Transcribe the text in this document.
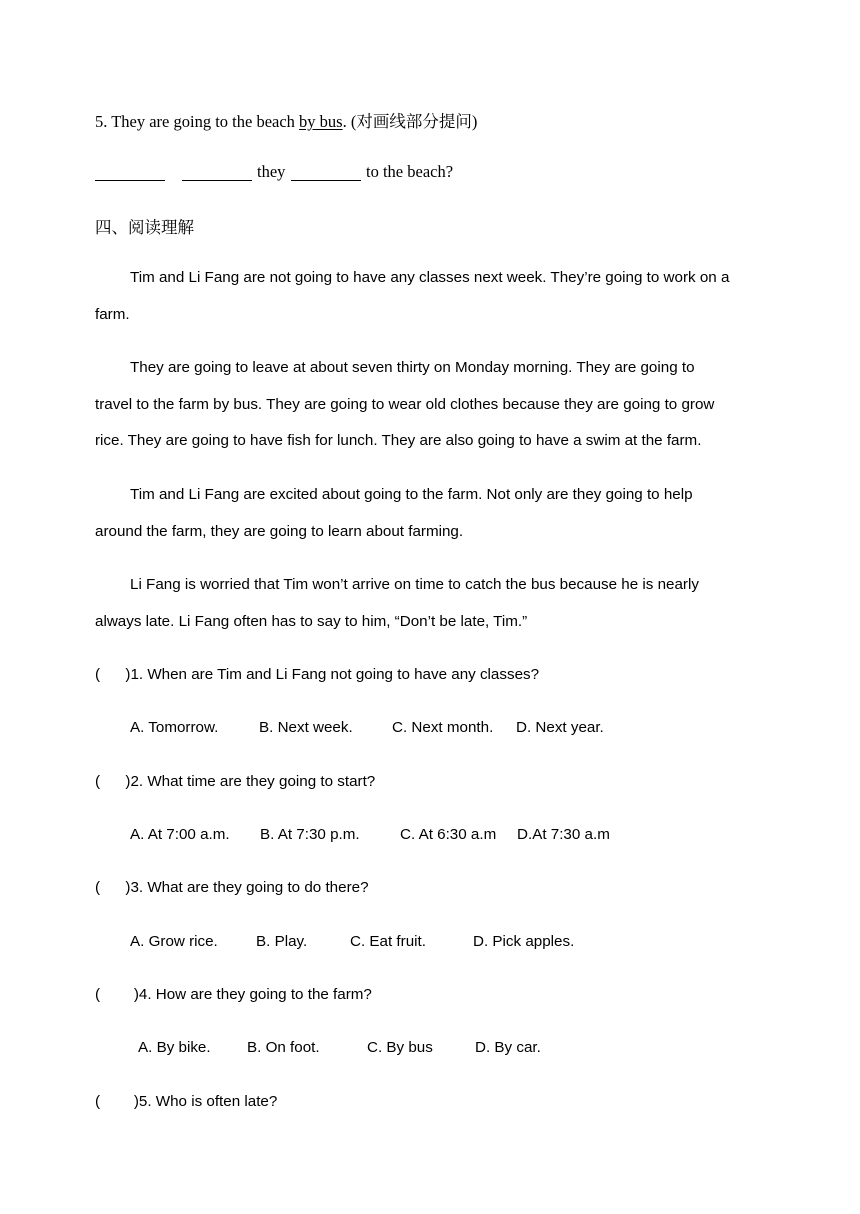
5. They are going to the beach by bus. (对画线部分提问)
they	to the beach?
四、阅读理解
Tim and Li Fang are not going to have any classes next week. They’re going to work on a
farm.
They are going to leave at about seven thirty on Monday morning. They are going to
travel to the farm by bus. They are going to wear old clothes because they are going to grow
rice. They are going to have fish for lunch. They are also going to have a swim at the farm.
Tim and Li Fang are excited about going to the farm. Not only are they going to help
around the farm, they are going to learn about farming.
Li Fang is worried that Tim won’t arrive on time to catch the bus because he is nearly
always late. Li Fang often has to say to him, “Don’t be late, Tim.”
(      )1. When are Tim and Li Fang not going to have any classes?
A. Tomorrow.	B. Next week.	C. Next month. D. Next year.
(      )2. What time are they going to start?
A. At 7:00 a.m. B. At 7:30 p.m.	C. At 6:30 a.m D.At 7:30 a.m
(      )3. What are they going to do there?
A. Grow rice.	B. Play.	C. Eat fruit.	D. Pick apples.
(        )4. How are they going to the farm?
A. By bike. B. On foot.	C. By bus	D. By car.
(        )5. Who is often late?
